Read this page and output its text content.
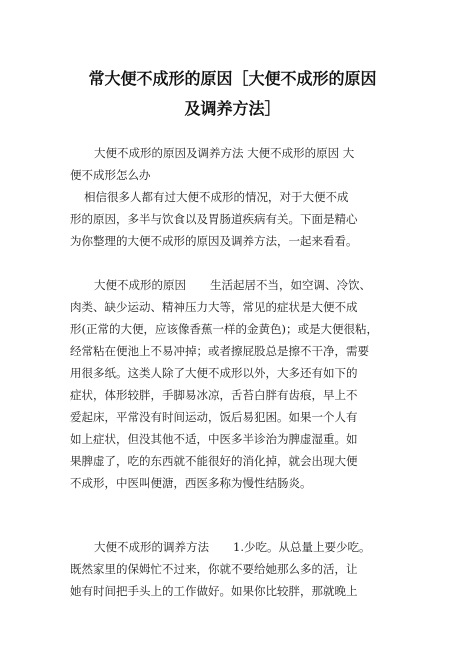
常大便不成形的原因［大便不成形的原因
及调养方法］
大便不成形的原因及调养方法 大便不成形的原因 大
便不成形怎么办
相信很多人都有过大便不成形的情况，对于大便不成
形的原因，多半与饮食以及胃肠道疾病有关。下面是精心
为你整理的大便不成形的原因及调养方法，一起来看看。
大便不成形的原因 生活起居不当，如空调、冷饮、
肉类、缺少运动、精神压力大等，常见的症状是大便不成
形(正常的大便，应该像香蕉一样的金黄色)；或是大便很粘，
经常粘在便池上不易冲掉；或者擦屁股总是擦不干净，需要
用很多纸。这类人除了大便不成形以外，大多还有如下的
症状，体形较胖，手脚易冰凉，舌苔白胖有齿痕，早上不
爱起床，平常没有时间运动，饭后易犯困。如果一个人有
如上症状，但没其他不适，中医多半诊治为脾虚湿重。如
果脾虚了，吃的东西就不能很好的消化掉，就会出现大便
不成形，中医叫便溏，西医多称为慢性结肠炎。
大便不成形的调养方法 1.少吃。从总量上要少吃。
既然家里的保姆忙不过来，你就不要给她那么多的活，让
她有时间把手头上的工作做好。如果你比较胖，那就晚上
